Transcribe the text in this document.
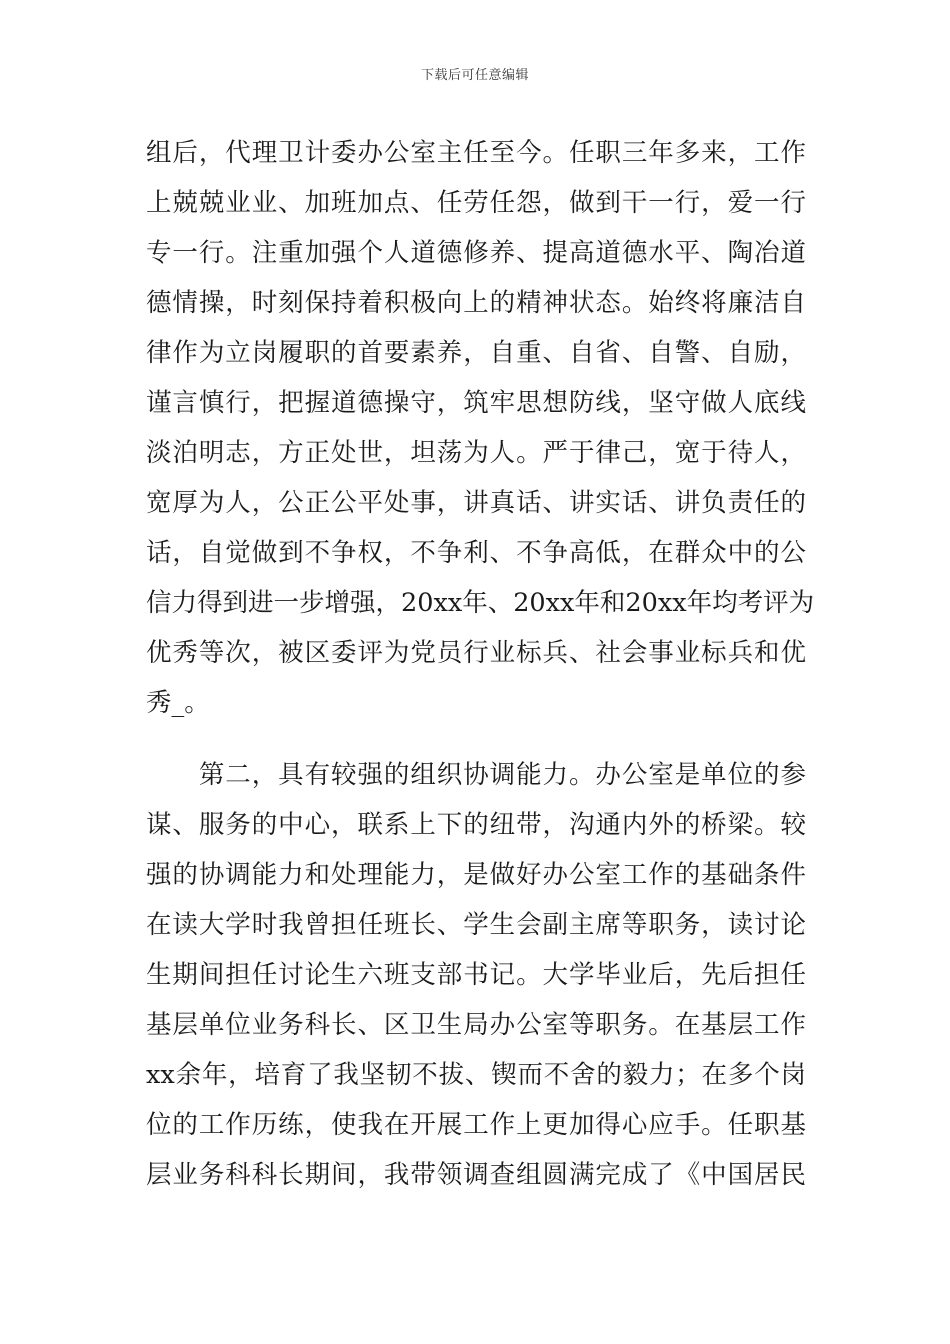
下载后可任意编辑
组后，代理卫计委办公室主任至今。任职三年多来，工作
上兢兢业业、加班加点、任劳任怨，做到干一行，爱一行
专一行。注重加强个人道德修养、提高道德水平、陶冶道
德情操，时刻保持着积极向上的精神状态。始终将廉洁自
律作为立岗履职的首要素养，自重、自省、自警、自励，
谨言慎行，把握道德操守，筑牢思想防线，坚守做人底线
淡泊明志，方正处世，坦荡为人。严于律己，宽于待人，
宽厚为人，公正公平处事，讲真话、讲实话、讲负责任的
话，自觉做到不争权，不争利、不争高低，在群众中的公
信力得到进一步增强，20xx年、20xx年和20xx年均考评为
优秀等次，被区委评为党员行业标兵、社会事业标兵和优
秀_。
　　第二，具有较强的组织协调能力。办公室是单位的参
谋、服务的中心，联系上下的纽带，沟通内外的桥梁。较
强的协调能力和处理能力，是做好办公室工作的基础条件
在读大学时我曾担任班长、学生会副主席等职务，读讨论
生期间担任讨论生六班支部书记。大学毕业后，先后担任
基层单位业务科长、区卫生局办公室等职务。在基层工作
xx余年，培育了我坚韧不拔、锲而不舍的毅力；在多个岗
位的工作历练，使我在开展工作上更加得心应手。任职基
层业务科科长期间，我带领调查组圆满完成了《中国居民
